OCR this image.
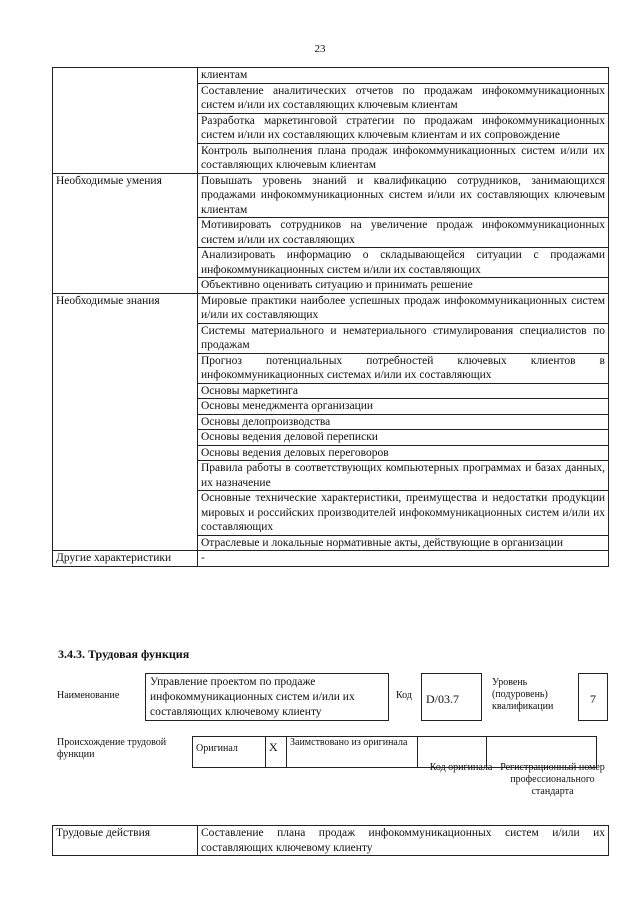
23
	клиентам
	Составление аналитических отчетов по продажам инфокоммуникационных систем и/или их составляющих ключевым клиентам
	Разработка маркетинговой стратегии по продажам инфокоммуникационных систем и/или их составляющих ключевым клиентам и их сопровождение
	Контроль выполнения плана продаж инфокоммуникационных систем и/или их составляющих ключевым клиентам
Необходимые умения	Повышать уровень знаний и квалификацию сотрудников, занимающихся продажами инфокоммуникационных систем и/или их составляющих ключевым клиентам
	Мотивировать сотрудников на увеличение продаж инфокоммуникационных систем и/или их составляющих
	Анализировать информацию о складывающейся ситуации с продажами инфокоммуникационных систем и/или их составляющих
	Объективно оценивать ситуацию и принимать решение
Необходимые знания	Мировые практики наиболее успешных продаж инфокоммуникационных систем и/или их составляющих
	Системы материального и нематериального стимулирования специалистов по продажам
	Прогноз потенциальных потребностей ключевых клиентов в инфокоммуникационных системах и/или их составляющих
	Основы маркетинга
	Основы менеджмента организации
	Основы делопроизводства
	Основы ведения деловой переписки
	Основы ведения деловых переговоров
	Правила работы в соответствующих компьютерных программах и базах данных, их назначение
	Основные технические характеристики, преимущества и недостатки продукции мировых и российских производителей инфокоммуникационных систем и/или их составляющих
	Отраслевые и локальные нормативные акты, действующие в организации
Другие характеристики	-
3.4.3. Трудовая функция
Наименование
Управление проектом по продаже инфокоммуникационных систем и/или их составляющих ключевому клиенту
Код	D/03.7
Уровень (подуровень) квалификации
7
Происхождение трудовой функции
Оригинал	X	Заимствовано из оригинала		
Код оригинала Регистрационный номер профессионального стандарта
Трудовые действия	Составление плана продаж инфокоммуникационных систем и/или их составляющих ключевому клиенту
